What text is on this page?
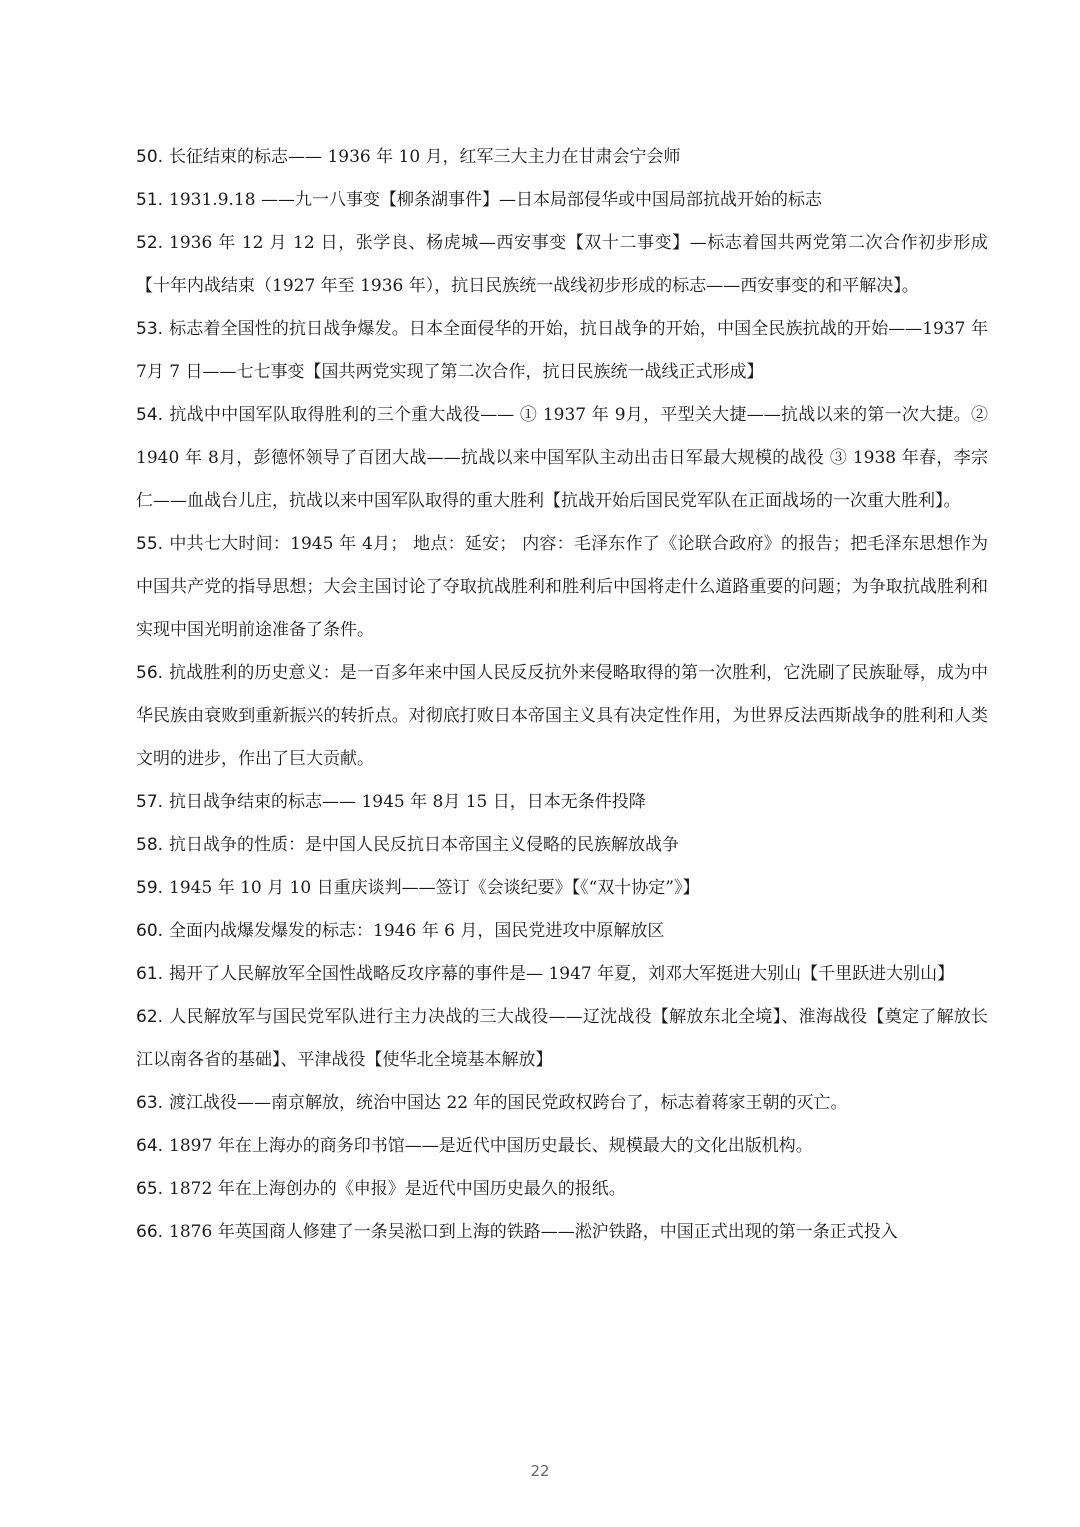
50. 长征结束的标志—— 1936 年 10 月，红军三大主力在甘肃会宁会师

51. 1931.9.18 ——九一八事变【柳条湖事件】—日本局部侵华或中国局部抗战开始的标志

52. 1936 年 12 月 12 日，张学良、杨虎城—西安事变【双十二事变】—标志着国共两党第二次合作初步形成【十年内战结束（1927 年至 1936 年），抗日民族统一战线初步形成的标志——西安事变的和平解决】。

53. 标志着全国性的抗日战争爆发。日本全面侵华的开始，抗日战争的开始，中国全民族抗战的开始——1937 年 7月 7 日——七七事变【国共两党实现了第二次合作，抗日民族统一战线正式形成】

54. 抗战中中国军队取得胜利的三个重大战役—— ① 1937 年 9月，平型关大捷——抗战以来的第一次大捷。② 1940 年 8月，彭德怀领导了百团大战——抗战以来中国军队主动出击日军最大规模的战役 ③ 1938 年春，李宗仁——血战台儿庄，抗战以来中国军队取得的重大胜利【抗战开始后国民党军队在正面战场的一次重大胜利】。

55. 中共七大时间：1945 年 4月； 地点：延安； 内容：毛泽东作了《论联合政府》的报告；把毛泽东思想作为中国共产党的指导思想；大会主国讨论了夺取抗战胜利和胜利后中国将走什么道路重要的问题；为争取抗战胜利和实现中国光明前途准备了条件。

56. 抗战胜利的历史意义：是一百多年来中国人民反反抗外来侵略取得的第一次胜利，它洗刷了民族耻辱，成为中华民族由衰败到重新振兴的转折点。对彻底打败日本帝国主义具有决定性作用，为世界反法西斯战争的胜利和人类文明的进步，作出了巨大贡献。

57. 抗日战争结束的标志—— 1945 年 8月 15 日，日本无条件投降

58. 抗日战争的性质：是中国人民反抗日本帝国主义侵略的民族解放战争

59. 1945 年 10 月 10 日重庆谈判——签订《会谈纪要》【《“双十协定”》】

60. 全面内战爆发爆发的标志：1946 年 6 月，国民党进攻中原解放区

61. 揭开了人民解放军全国性战略反攻序幕的事件是— 1947 年夏，刘邓大军挺进大别山【千里跃进大别山】

62. 人民解放军与国民党军队进行主力决战的三大战役——辽沈战役【解放东北全境】、淮海战役【奠定了解放长江以南各省的基础】、平津战役【使华北全境基本解放】

63. 渡江战役——南京解放，统治中国达 22 年的国民党政权跨台了，标志着蒋家王朝的灭亡。

64. 1897 年在上海办的商务印书馆——是近代中国历史最长、规模最大的文化出版机构。

65. 1872 年在上海创办的《申报》是近代中国历史最久的报纸。

66. 1876 年英国商人修建了一条吴淞口到上海的铁路——淞沪铁路，中国正式出现的第一条正式投入

22
